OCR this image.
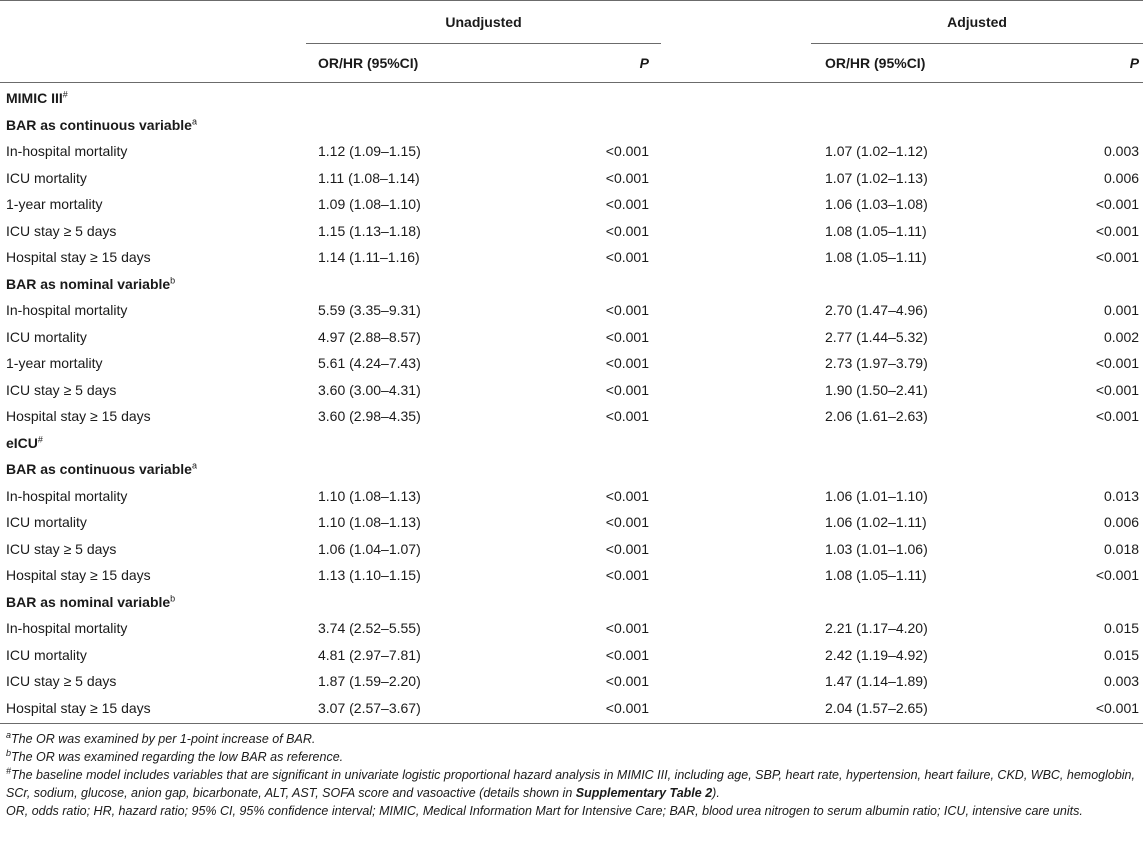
	Unadjusted			Adjusted	
	OR/HR (95%CI)	P		OR/HR (95%CI)	P
MIMIC III#
BAR as continuous variable$^a$
In-hospital mortality	1.12 (1.09–1.15)	<0.001		1.07 (1.02–1.12)	0.003
ICU mortality	1.11 (1.08–1.14)	<0.001		1.07 (1.02–1.13)	0.006
1-year mortality	1.09 (1.08–1.10)	<0.001		1.06 (1.03–1.08)	<0.001
ICU stay ≥ 5 days	1.15 (1.13–1.18)	<0.001		1.08 (1.05–1.11)	<0.001
Hospital stay ≥ 15 days	1.14 (1.11–1.16)	<0.001		1.08 (1.05–1.11)	<0.001
BAR as nominal variable$^b$
In-hospital mortality	5.59 (3.35–9.31)	<0.001		2.70 (1.47–4.96)	0.001
ICU mortality	4.97 (2.88–8.57)	<0.001		2.77 (1.44–5.32)	0.002
1-year mortality	5.61 (4.24–7.43)	<0.001		2.73 (1.97–3.79)	<0.001
ICU stay ≥ 5 days	3.60 (3.00–4.31)	<0.001		1.90 (1.50–2.41)	<0.001
Hospital stay ≥ 15 days	3.60 (2.98–4.35)	<0.001		2.06 (1.61–2.63)	<0.001
eICU#
BAR as continuous variable$^a$
In-hospital mortality	1.10 (1.08–1.13)	<0.001		1.06 (1.01–1.10)	0.013
ICU mortality	1.10 (1.08–1.13)	<0.001		1.06 (1.02–1.11)	0.006
ICU stay ≥ 5 days	1.06 (1.04–1.07)	<0.001		1.03 (1.01–1.06)	0.018
Hospital stay ≥ 15 days	1.13 (1.10–1.15)	<0.001		1.08 (1.05–1.11)	<0.001
BAR as nominal variable$^b$
In-hospital mortality	3.74 (2.52–5.55)	<0.001		2.21 (1.17–4.20)	0.015
ICU mortality	4.81 (2.97–7.81)	<0.001		2.42 (1.19–4.92)	0.015
ICU stay ≥ 5 days	1.87 (1.59–2.20)	<0.001		1.47 (1.14–1.89)	0.003
Hospital stay ≥ 15 days	3.07 (2.57–3.67)	<0.001		2.04 (1.57–2.65)	<0.001

$^a$The OR was examined by per 1-point increase of BAR.

$^b$The OR was examined regarding the low BAR as reference.

#The baseline model includes variables that are significant in univariate logistic proportional hazard analysis in MIMIC III, including age, SBP, heart rate, hypertension, heart failure, CKD, WBC, hemoglobin, SCr, sodium, glucose, anion gap, bicarbonate, ALT, AST, SOFA score and vasoactive (details shown in Supplementary Table 2).

OR, odds ratio; HR, hazard ratio; 95% CI, 95% confidence interval; MIMIC, Medical Information Mart for Intensive Care; BAR, blood urea nitrogen to serum albumin ratio; ICU, intensive care units.
